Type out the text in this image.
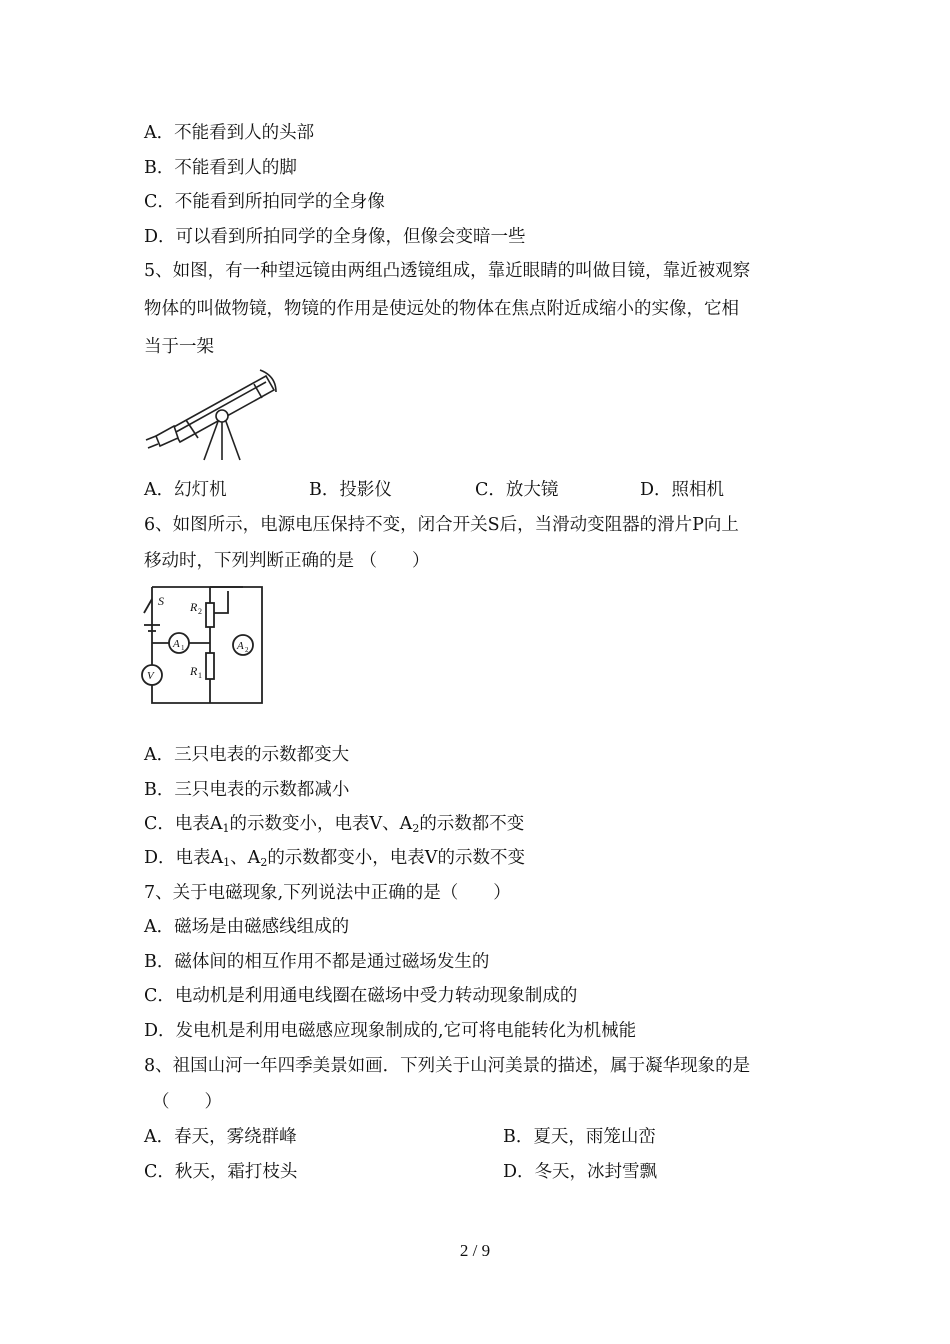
A．不能看到人的头部
B．不能看到人的脚
C．不能看到所拍同学的全身像
D．可以看到所拍同学的全身像，但像会变暗一些
5、如图，有一种望远镜由两组凸透镜组成，靠近眼睛的叫做目镜，靠近被观察
物体的叫做物镜，物镜的作用是使远处的物体在焦点附近成缩小的实像，它相
当于一架
A．幻灯机	B．投影仪	C．放大镜	D．照相机
6、如图所示，电源电压保持不变，闭合开关S后，当滑动变阻器的滑片P向上
移动时，下列判断正确的是 （　　）
S R 2
R 1
A 1
V
A 2
A．三只电表的示数都变大
B．三只电表的示数都减小
C．电表$A_1$的示数变小，电表V、$A_2$的示数都不变
D．电表$A_1$、$A_2$的示数都变小，电表V的示数不变
7、关于电磁现象,下列说法中正确的是（　　）
A．磁场是由磁感线组成的
B．磁体间的相互作用不都是通过磁场发生的
C．电动机是利用通电线圈在磁场中受力转动现象制成的
D．发电机是利用电磁感应现象制成的,它可将电能转化为机械能
8、祖国山河一年四季美景如画．下列关于山河美景的描述，属于凝华现象的是
（　　）
A．春天，雾绕群峰	B．夏天，雨笼山峦
C．秋天，霜打枝头	D．冬天，冰封雪飘
2 / 9
